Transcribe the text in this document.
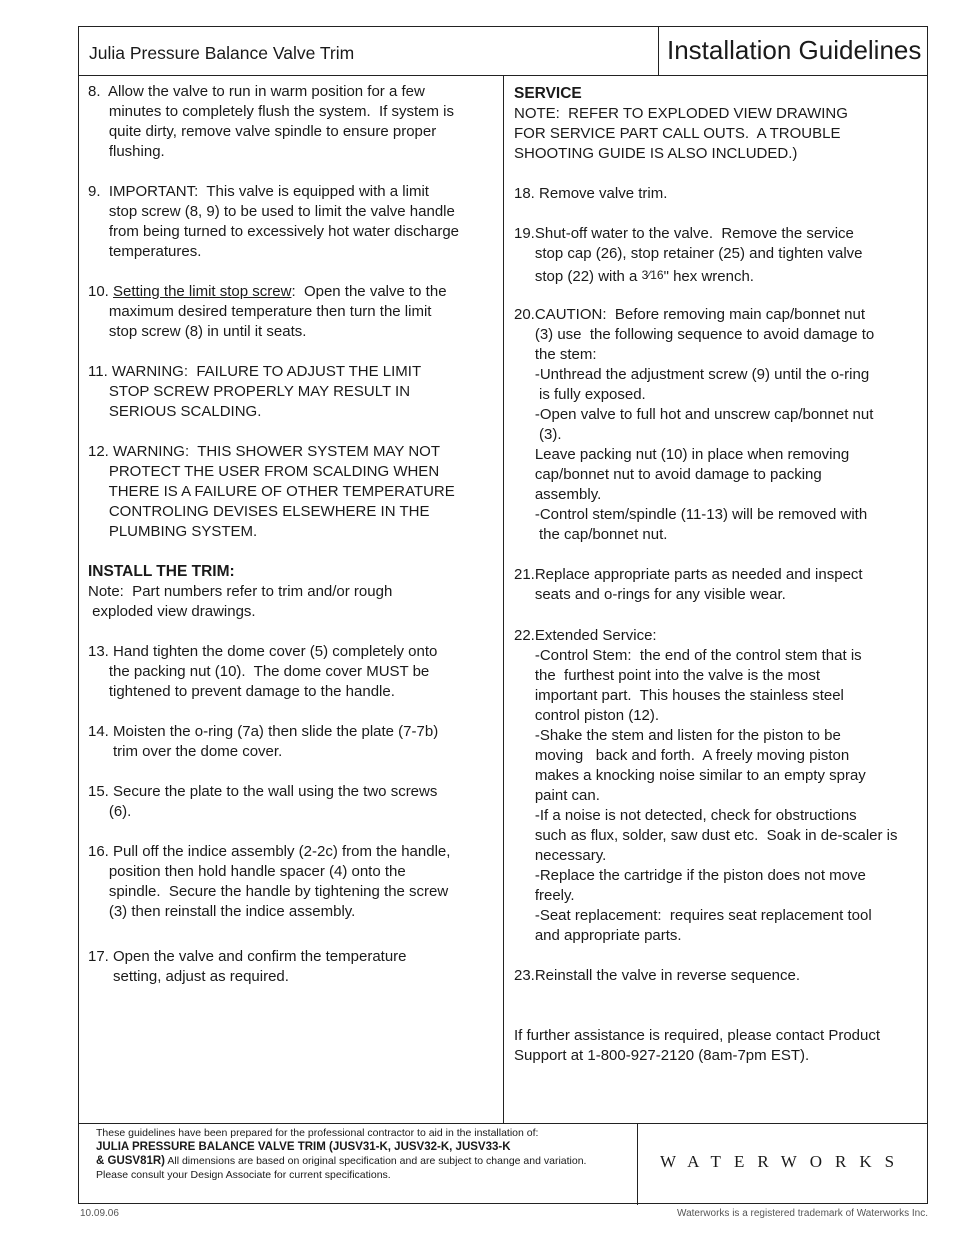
Julia Pressure Balance Valve Trim	Installation Guidelines

8.  Allow the valve to run in warm position for a few

minutes to completely flush the system.  If system is

quite dirty, remove valve spindle to ensure proper

flushing.

9.  IMPORTANT:  This valve is equipped with a limit

stop screw (8, 9) to be used to limit the valve handle

from being turned to excessively hot water discharge

temperatures.

10. Setting the limit stop screw:  Open the valve to the

maximum desired temperature then turn the limit

stop screw (8) in until it seats.

11. WARNING:  FAILURE TO ADJUST THE LIMIT

STOP SCREW PROPERLY MAY RESULT IN

SERIOUS SCALDING.

12. WARNING:  THIS SHOWER SYSTEM MAY NOT

PROTECT THE USER FROM SCALDING WHEN

THERE IS A FAILURE OF OTHER TEMPERATURE

CONTROLING DEVISES ELSEWHERE IN THE

PLUMBING SYSTEM.

INSTALL THE TRIM:

Note:  Part numbers refer to trim and/or rough

exploded view drawings.

13. Hand tighten the dome cover (5) completely onto

the packing nut (10).  The dome cover MUST be

tightened to prevent damage to the handle.

14. Moisten the o-ring (7a) then slide the plate (7-7b)

trim over the dome cover.

15. Secure the plate to the wall using the two screws

(6).

16. Pull off the indice assembly (2-2c) from the handle,

position then hold handle spacer (4) onto the

spindle.  Secure the handle by tightening the screw

(3) then reinstall the indice assembly.

17. Open the valve and confirm the temperature

setting, adjust as required.

SERVICE

NOTE:  REFER TO EXPLODED VIEW DRAWING

FOR SERVICE PART CALL OUTS.  A TROUBLE

SHOOTING GUIDE IS ALSO INCLUDED.)

18. Remove valve trim.

19.Shut-off water to the valve.  Remove the service

stop cap (26), stop retainer (25) and tighten valve

stop (22) with a 3⁄16" hex wrench.

20.CAUTION:  Before removing main cap/bonnet nut

(3) use  the following sequence to avoid damage to

the stem:

-Unthread the adjustment screw (9) until the o-ring

is fully exposed.

-Open valve to full hot and unscrew cap/bonnet nut

(3).

Leave packing nut (10) in place when removing

cap/bonnet nut to avoid damage to packing

assembly.

-Control stem/spindle (11-13) will be removed with

the cap/bonnet nut.

21.Replace appropriate parts as needed and inspect

seats and o-rings for any visible wear.

22.Extended Service:

-Control Stem:  the end of the control stem that is

the  furthest point into the valve is the most

important part.  This houses the stainless steel

control piston (12).

-Shake the stem and listen for the piston to be

moving   back and forth.  A freely moving piston

makes a knocking noise similar to an empty spray

paint can.

-If a noise is not detected, check for obstructions

such as flux, solder, saw dust etc.  Soak in de-scaler is

necessary.

-Replace the cartridge if the piston does not move

freely.

-Seat replacement:  requires seat replacement tool

and appropriate parts.

23.Reinstall the valve in reverse sequence.

If further assistance is required, please contact Product

Support at 1-800-927-2120 (8am-7pm EST).

These guidelines have been prepared for the professional contractor to aid in the installation of:

JULIA PRESSURE BALANCE VALVE TRIM (JUSV31-K, JUSV32-K, JUSV33-K

& GUSV81R) All dimensions are based on original specification and are subject to change and variation.

Please consult your Design Associate for current specifications.

WATERWORKS
10.09.06	Waterworks is a registered trademark of Waterworks Inc.
